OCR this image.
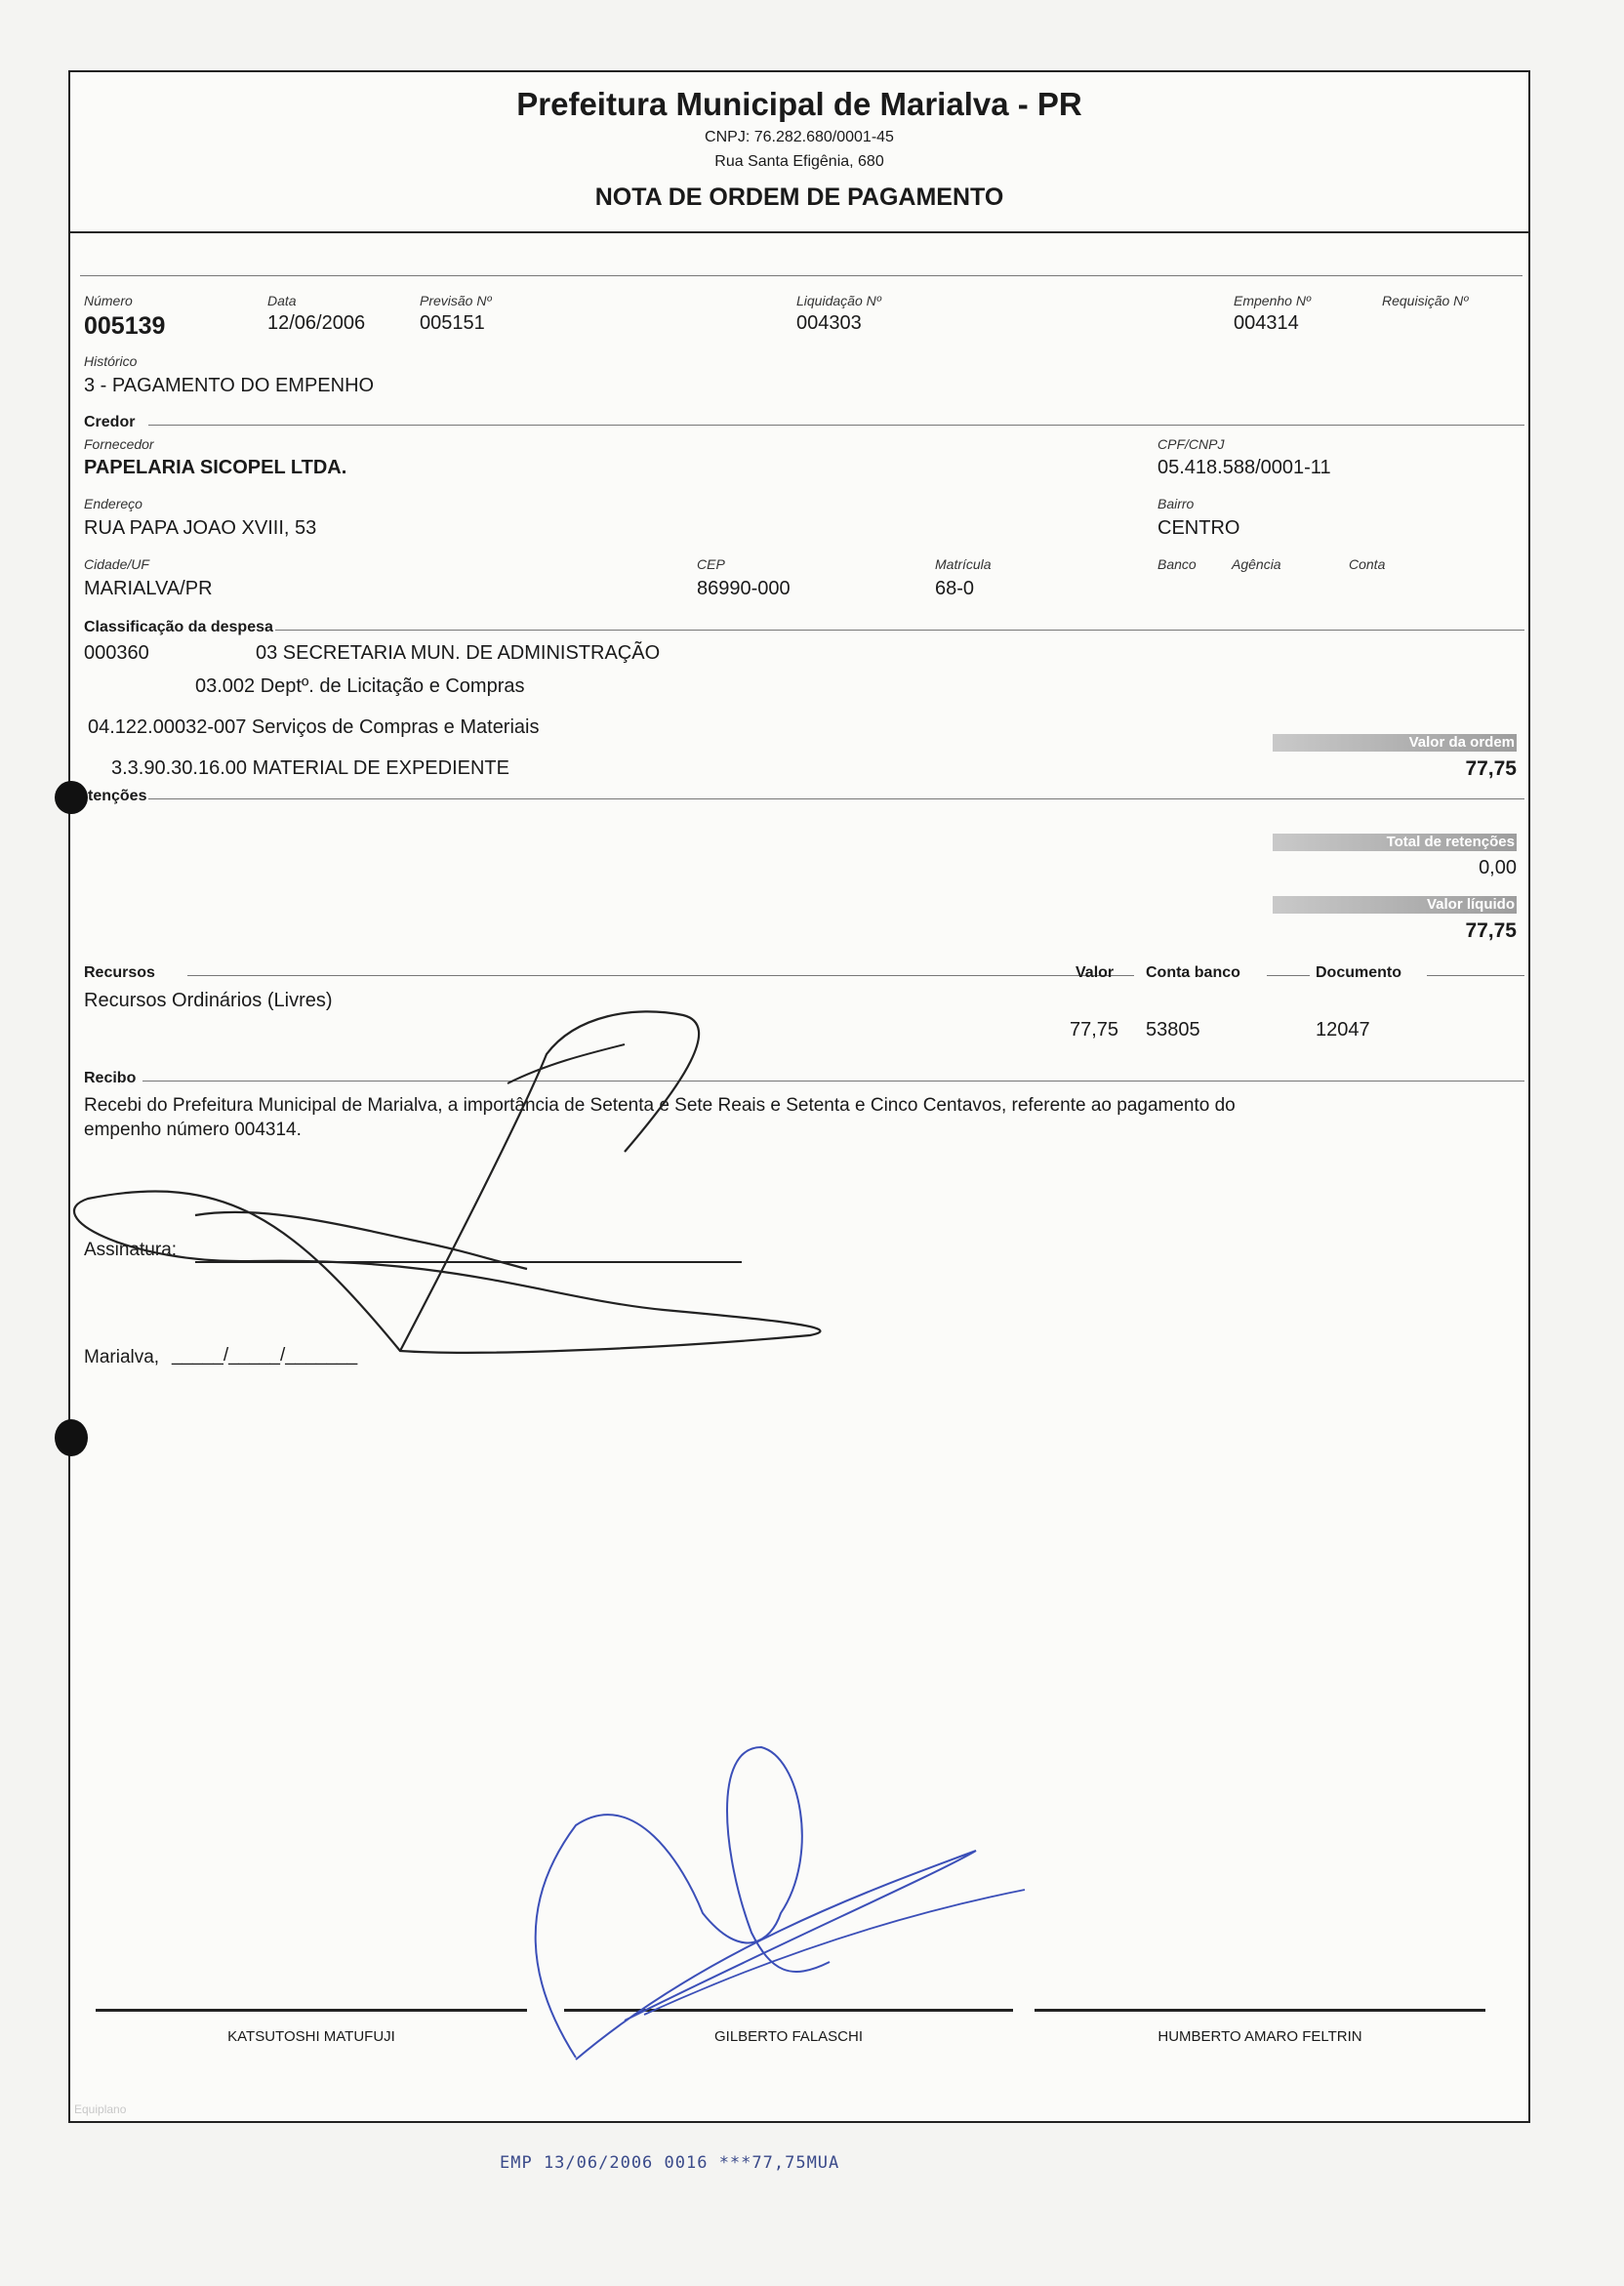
Prefeitura Municipal de Marialva - PR
CNPJ: 76.282.680/0001-45
Rua Santa Efigênia, 680
NOTA DE ORDEM DE PAGAMENTO
Número
005139
Data
12/06/2006
Previsão Nº
005151
Liquidação Nº
004303
Empenho Nº
004314
Requisição Nº
Histórico
3 - PAGAMENTO DO EMPENHO
Credor
Fornecedor
PAPELARIA SICOPEL LTDA.
CPF/CNPJ
05.418.588/0001-11
Endereço
RUA PAPA JOAO XVIII, 53
Bairro
CENTRO
Cidade/UF
MARIALVA/PR
CEP
86990-000
Matrícula
68-0
Banco	Agência	Conta
Classificação da despesa
000360	03 SECRETARIA MUN. DE ADMINISTRAÇÃO
03.002 Deptº. de Licitação e Compras
04.122.00032-007 Serviços de Compras e Materiais
3.3.90.30.16.00 MATERIAL DE EXPEDIENTE
Valor da ordem
77,75
tenções
Total de retenções
0,00
Valor líquido
77,75
Recursos	Valor Conta banco	Documento
Recursos Ordinários (Livres)
77,75 53805	12047
Recibo
Recebi do Prefeitura Municipal de Marialva, a importância de Setenta e Sete Reais e Setenta e Cinco Centavos, referente ao pagamento do
empenho número 004314.
Assinatura:
Marialva, _____/_____/_______
KATSUTOSHI MATUFUJI	GILBERTO FALASCHI	HUMBERTO AMARO FELTRIN
Equiplano
EMP 13/06/2006 0016 ***77,75MUA
